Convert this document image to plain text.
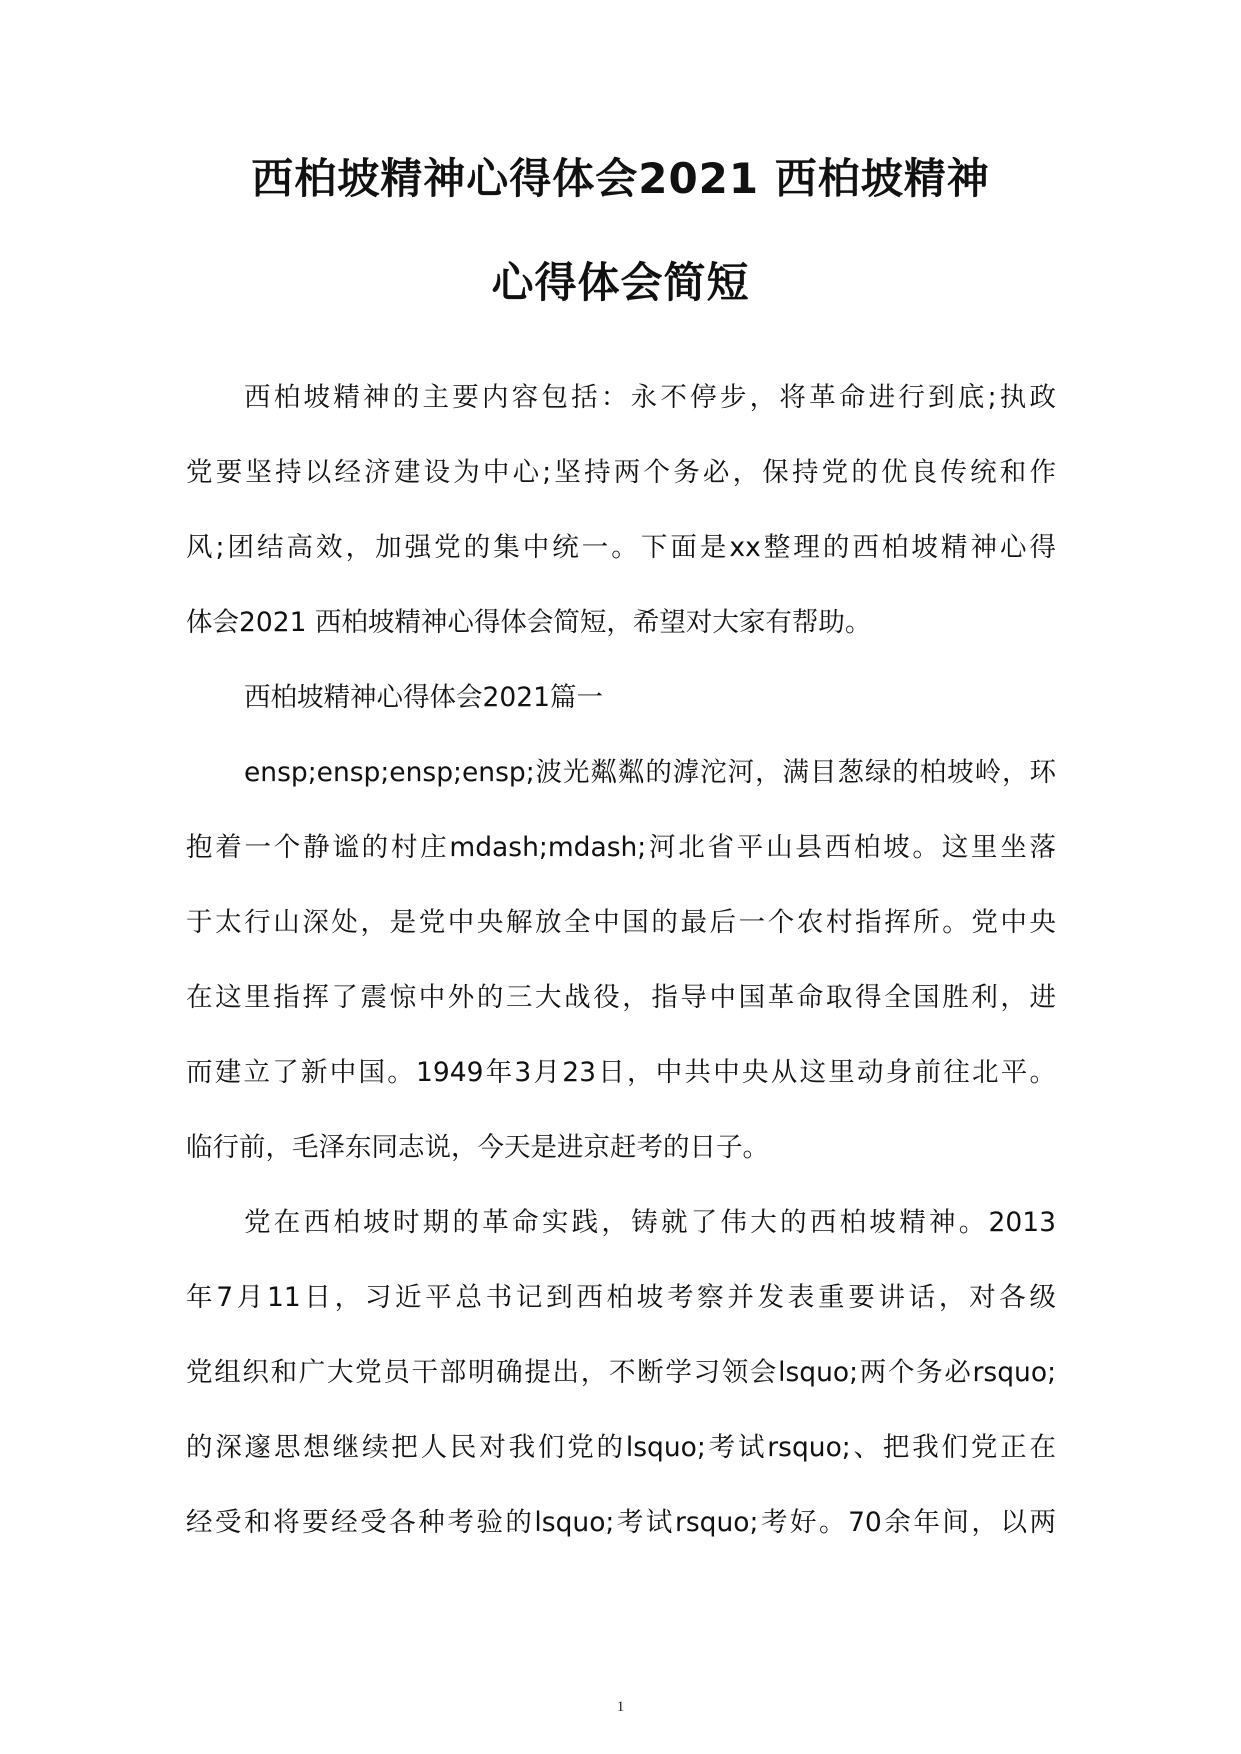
西柏坡精神心得体会2021 西柏坡精神
心得体会简短
西柏坡精神的主要内容包括：永不停步，将革命进行到底;执政
党要坚持以经济建设为中心;坚持两个务必，保持党的优良传统和作
风;团结高效，加强党的集中统一。下面是xx整理的西柏坡精神心得
体会2021 西柏坡精神心得体会简短，希望对大家有帮助。
西柏坡精神心得体会2021篇一
ensp;ensp;ensp;ensp;波光粼粼的滹沱河，满目葱绿的柏坡岭，环
抱着一个静谧的村庄mdash;mdash;河北省平山县西柏坡。这里坐落
于太行山深处，是党中央解放全中国的最后一个农村指挥所。党中央
在这里指挥了震惊中外的三大战役，指导中国革命取得全国胜利，进
而建立了新中国。1949年3月23日，中共中央从这里动身前往北平。
临行前，毛泽东同志说，今天是进京赶考的日子。
党在西柏坡时期的革命实践，铸就了伟大的西柏坡精神。2013
年7月11日，习近平总书记到西柏坡考察并发表重要讲话，对各级
党组织和广大党员干部明确提出，不断学习领会lsquo;两个务必rsquo;
的深邃思想继续把人民对我们党的lsquo;考试rsquo;、把我们党正在
经受和将要经受各种考验的lsquo;考试rsquo;考好。70余年间，以两
1
